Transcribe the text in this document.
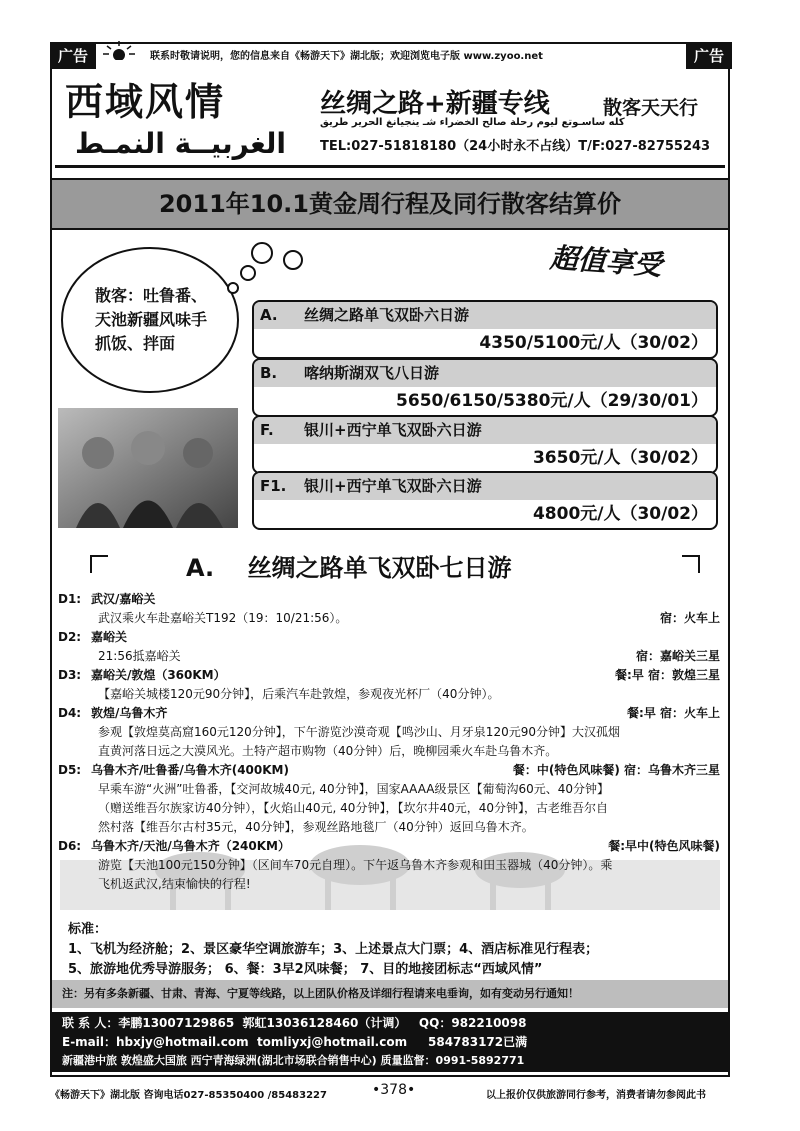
广告	联系时敬请说明，您的信息来自《畅游天下》湖北版；欢迎浏览电子版 www.zyoo.net	广告
西域风情
الغربيــة النمـط
丝绸之路+新疆专线	散客天天行
كله ساسـوتع ليوم رحلة صالح الخضراء شـ ينجيانغ الحرير طريق
TEL:027-51818180（24小时永不占线）T/F:027-82755243
2011年10.1黄金周行程及同行散客结算价
散客：吐鲁番、天池新疆风味手抓饭、拌面
超值享受
A. 丝绸之路单飞双卧六日游
4350/5100元/人（30/02）
B. 喀纳斯湖双飞八日游
5650/6150/5380元/人（29/30/01）
F. 银川+西宁单飞双卧六日游
3650元/人（30/02）
F1. 银川+西宁单飞双卧六日游
4800元/人（30/02）
A. 丝绸之路单飞双卧七日游
D1: 武汉/嘉峪关
武汉乘火车赴嘉峪关T192（19：10/21:56）。	宿：火车上
D2: 嘉峪关
21:56抵嘉峪关	宿：嘉峪关三星
D3: 嘉峪关/敦煌（360KM）	餐:早 宿：敦煌三星
【嘉峪关城楼120元90分钟】，后乘汽车赴敦煌，参观夜光杯厂（40分钟）。
D4: 敦煌/乌鲁木齐	餐:早 宿：火车上
参观【敦煌莫高窟160元120分钟】，下午游览沙漠奇观【鸣沙山、月牙泉120元90分钟】大汉孤烟
直黄河落日远之大漠风光。土特产超市购物（40分钟）后，晚柳园乘火车赴乌鲁木齐。
D5: 乌鲁木齐/吐鲁番/乌鲁木齐(400KM)	餐：中(特色风味餐) 宿：乌鲁木齐三星
早乘车游“火洲”吐鲁番，【交河故城40元, 40分钟】，国家AAAA级景区【葡萄沟60元、40分钟】
（赠送维吾尔族家访40分钟），【火焰山40元, 40分钟】，【坎尔井40元，40分钟】，古老维吾尔自
然村落【维吾尔古村35元，40分钟】，参观丝路地毯厂（40分钟）返回乌鲁木齐。
D6: 乌鲁木齐/天池/乌鲁木齐（240KM）	餐:早中(特色风味餐)
游览【天池100元150分钟】（区间车70元自理）。下午返乌鲁木齐参观和田玉器城（40分钟）。乘
飞机返武汉,结束愉快的行程!
标准：
1、飞机为经济舱；2、景区豪华空调旅游车；3、上述景点大门票；4、酒店标准见行程表；
5、旅游地优秀导游服务； 6、餐：3早2风味餐； 7、目的地接团标志“西域风情”
注：另有多条新疆、甘肃、青海、宁夏等线路，以上团队价格及详细行程请来电垂询，如有变动另行通知！
联 系 人：李鹏13007129865  郭虹13036128460（计调）   QQ：982210098
E-mail：hbxjy@hotmail.com  tomliyxj@hotmail.com     584783172已满
新疆港中旅 敦煌盛大国旅 西宁青海绿洲(湖北市场联合销售中心) 质量监督：0991-5892771
《畅游天下》湖北版 咨询电话027-85350400 /85483227	•378•	以上报价仅供旅游同行参考，消费者请勿参阅此书
